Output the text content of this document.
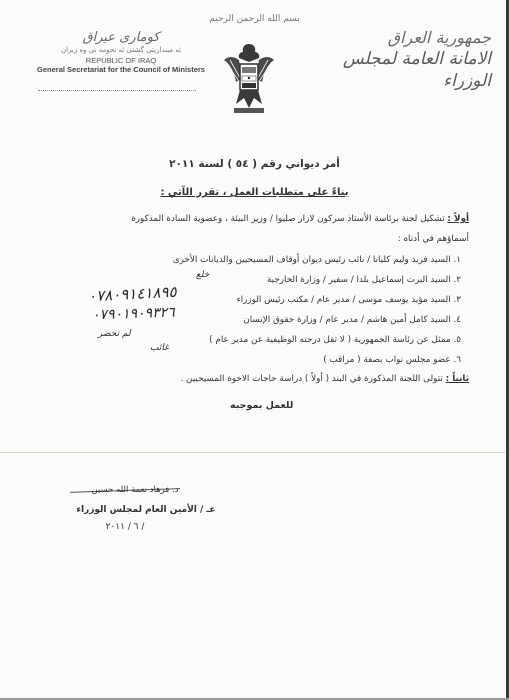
بسم الله الرحمن الرحيم
جمهورية العراق
الامانة العامة لمجلس الوزراء
كومارى عيراق
ئه مينداريتى گشتى ئه نجومه نى وه زيران
REPUBLIC OF IRAQ
General Secretariat for the Council of Ministers
أمر ديواني رقم ( ٥٤ ) لسنة ٢٠١١
بناءً على متطلبات العمل ، تقرر الآتي :
أولاً : تشكيل لجنة برئاسة الأستاذ سركون لازار صليوا / وزير البيئة ، وعضوية السادة المذكورة
أسماؤهم في أدناه :
١. السيد فريد وليم كليانا / نائب رئيس ديوان أوقاف المسيحيين والديانات الأخرى
٢. السيد البرت إسماعيل بلدا / سفير / وزارة الخارجية
٣. السيد مؤيد يوسف موسى / مدير عام / مكتب رئيس الوزراء
٤. السيد كامل أمين هاشم / مدير عام / وزارة حقوق الإنسان
٥. ممثل عن رئاسة الجمهورية ( لا تقل درجته الوظيفية عن مدير عام )
٦. عضو مجلس نواب بصفة ( مراقب )
٠٧٨٠٩١٤١٨٩٥
٠٧٩٠١٩٠٩٣٢٦
خلع
لم تحضر
غائب
ثانياً : تتولى اللجنة المذكورة في البند ( أولاً ) دراسة حاجات الاخوة المسيحيين .
للعمل بموجبه
د. فرهاد نعمة الله حسين
عـ / الأمين العام لمجلس الوزراء
/ ٦ / ٢٠١١
